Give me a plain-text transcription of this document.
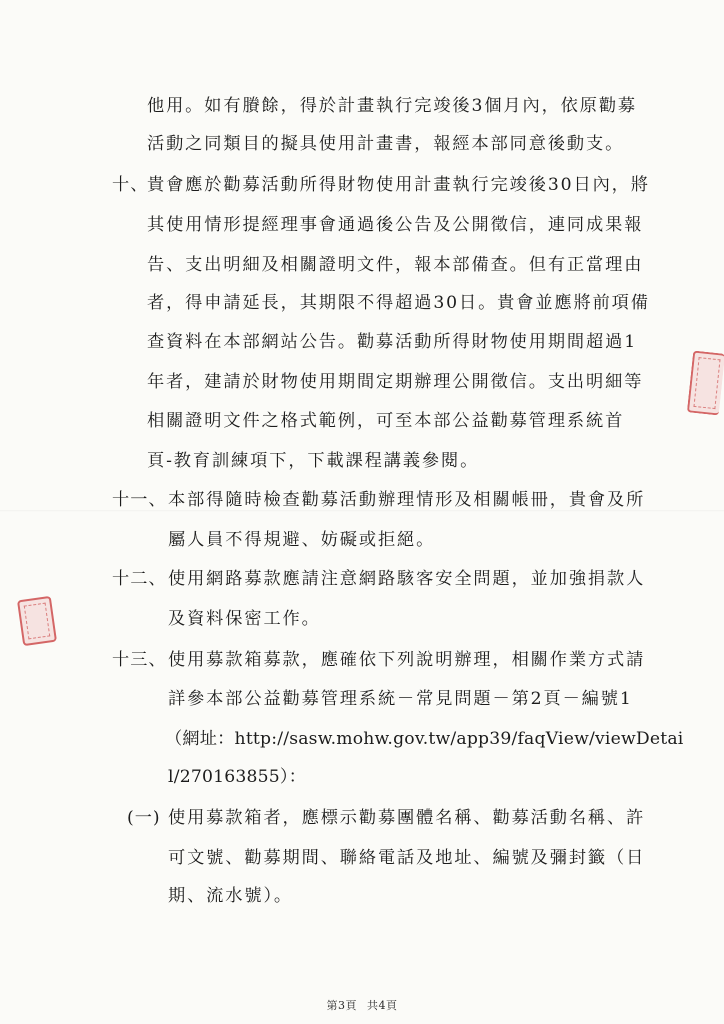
他用。如有賸餘，得於計畫執行完竣後3個月內，依原勸募
活動之同類目的擬具使用計畫書，報經本部同意後動支。
十、
貴會應於勸募活動所得財物使用計畫執行完竣後30日內，將
其使用情形提經理事會通過後公告及公開徵信，連同成果報
告、支出明細及相關證明文件，報本部備查。但有正當理由
者，得申請延長，其期限不得超過30日。貴會並應將前項備
查資料在本部網站公告。勸募活動所得財物使用期間超過1
年者，建請於財物使用期間定期辦理公開徵信。支出明細等
相關證明文件之格式範例，可至本部公益勸募管理系統首
頁-教育訓練項下，下載課程講義參閱。
十一、 本部得隨時檢查勸募活動辦理情形及相關帳冊，貴會及所
屬人員不得規避、妨礙或拒絕。
十二、 使用網路募款應請注意網路駭客安全問題，並加強捐款人
及資料保密工作。
十三、 使用募款箱募款，應確依下列說明辦理，相關作業方式請
詳參本部公益勸募管理系統－常見問題－第2頁－編號1
（網址：http://sasw.mohw.gov.tw/app39/faqView/viewDetai
l/270163855）：
(一) 使用募款箱者，應標示勸募團體名稱、勸募活動名稱、許
可文號、勸募期間、聯絡電話及地址、編號及彌封籤（日
期、流水號）。
第3頁 共4頁
